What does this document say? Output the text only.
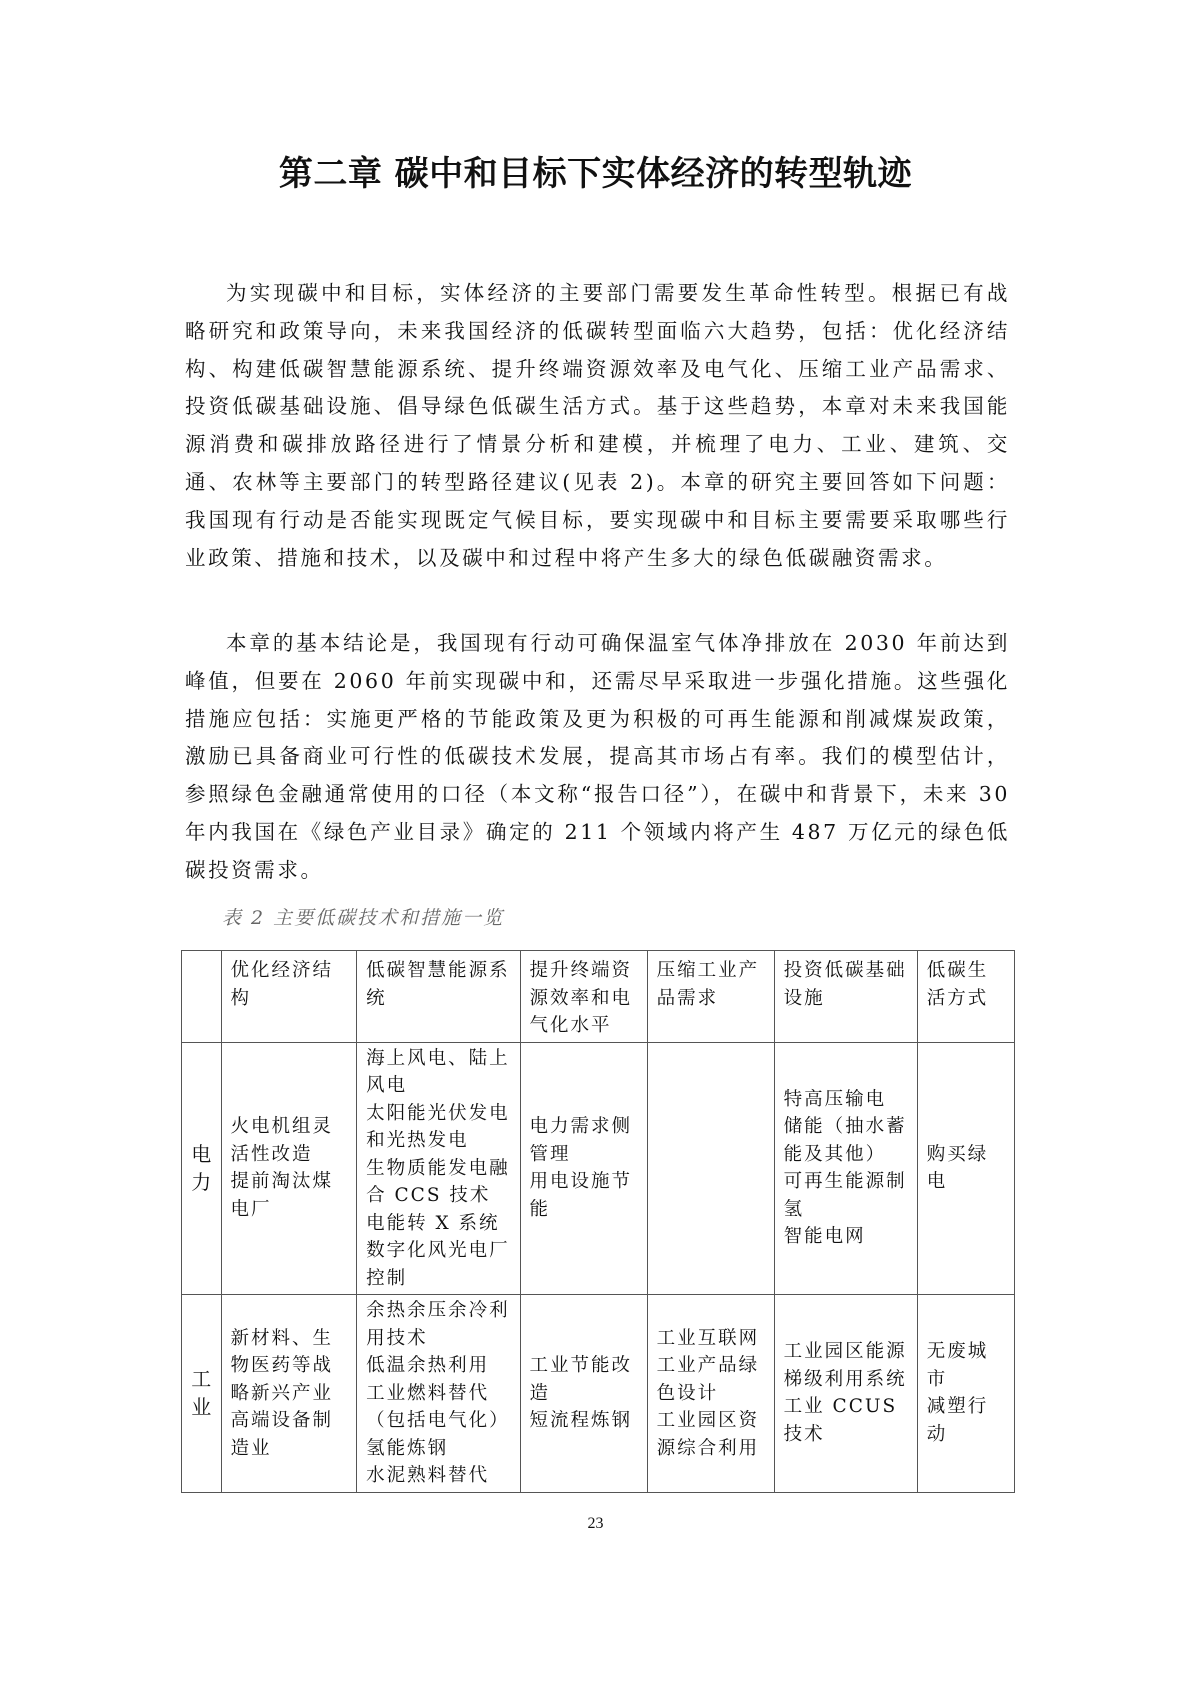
第二章 碳中和目标下实体经济的转型轨迹

为实现碳中和目标，实体经济的主要部门需要发生革命性转型。根据已有战略研究和政策导向，未来我国经济的低碳转型面临六大趋势，包括：优化经济结构、构建低碳智慧能源系统、提升终端资源效率及电气化、压缩工业产品需求、投资低碳基础设施、倡导绿色低碳生活方式。基于这些趋势，本章对未来我国能源消费和碳排放路径进行了情景分析和建模，并梳理了电力、工业、建筑、交通、农林等主要部门的转型路径建议(见表 2)。本章的研究主要回答如下问题：我国现有行动是否能实现既定气候目标，要实现碳中和目标主要需要采取哪些行业政策、措施和技术，以及碳中和过程中将产生多大的绿色低碳融资需求。

本章的基本结论是，我国现有行动可确保温室气体净排放在 2030 年前达到峰值，但要在 2060 年前实现碳中和，还需尽早采取进一步强化措施。这些强化措施应包括：实施更严格的节能政策及更为积极的可再生能源和削减煤炭政策，激励已具备商业可行性的低碳技术发展，提高其市场占有率。我们的模型估计，参照绿色金融通常使用的口径（本文称“报告口径”），在碳中和背景下，未来 30 年内我国在《绿色产业目录》确定的 211 个领域内将产生 487 万亿元的绿色低碳投资需求。

表 2 主要低碳技术和措施一览

	优化经济结构	低碳智慧能源系统	提升终端资源效率和电气化水平	压缩工业产品需求	投资低碳基础设施	低碳生活方式

电
力	火电机组灵活性改造
提前淘汰煤电厂	海上风电、陆上风电
太阳能光伏发电和光热发电
生物质能发电融合 CCS 技术
电能转 X 系统
数字化风光电厂控制	电力需求侧管理
用电设施节能		特高压输电
储能（抽水蓄能及其他）
可再生能源制氢
智能电网	购买绿电

工
业	新材料、生物医药等战略新兴产业
高端设备制造业	余热余压余冷利用技术
低温余热利用
工业燃料替代（包括电气化）
氢能炼钢
水泥熟料替代	工业节能改造
短流程炼钢	工业互联网
工业产品绿色设计
工业园区资源综合利用	工业园区能源梯级利用系统
工业 CCUS 技术	无废城市
减塑行动
23
